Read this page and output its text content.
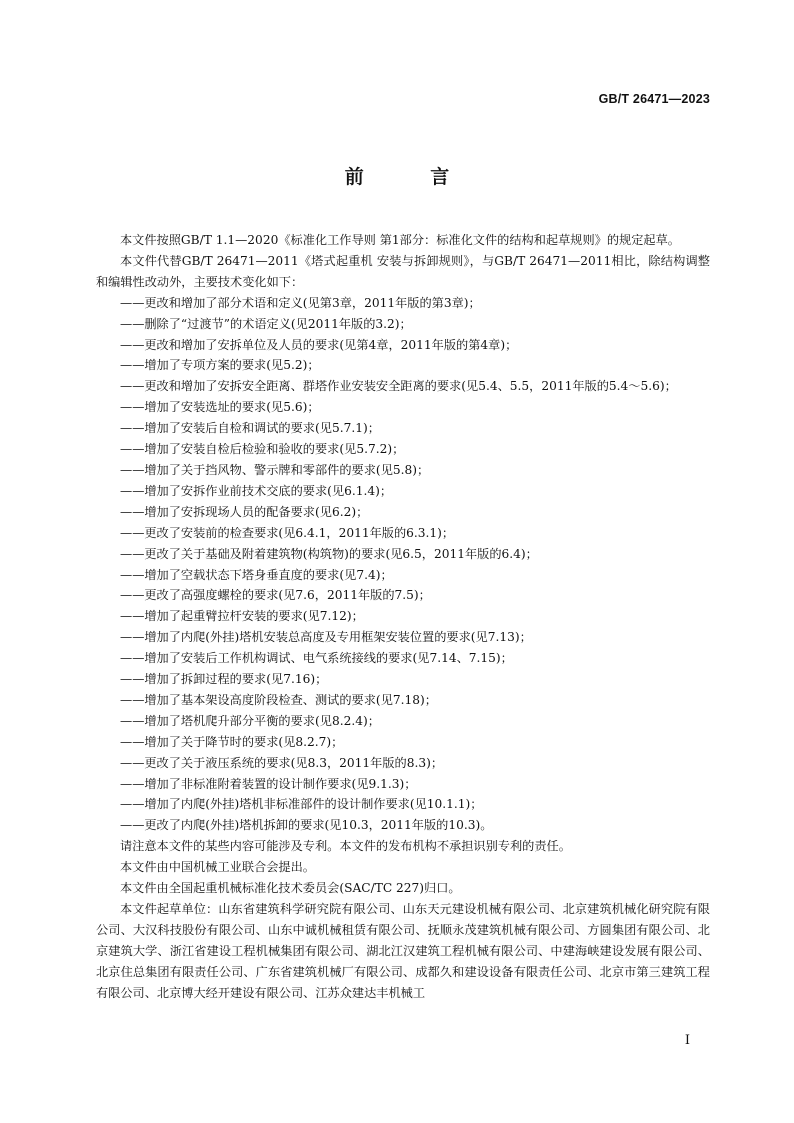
GB/T 26471—2023
前 言

本文件按照GB/T 1.1—2020《标准化工作导则 第1部分：标准化文件的结构和起草规则》的规定起草。

本文件代替GB/T 26471—2011《塔式起重机 安装与拆卸规则》，与GB/T 26471—2011相比，除结构调整和编辑性改动外，主要技术变化如下：

——更改和增加了部分术语和定义(见第3章，2011年版的第3章)；

——删除了“过渡节”的术语定义(见2011年版的3.2)；

——更改和增加了安拆单位及人员的要求(见第4章，2011年版的第4章)；

——增加了专项方案的要求(见5.2)；

——更改和增加了安拆安全距离、群塔作业安装安全距离的要求(见5.4、5.5，2011年版的5.4～5.6)；

——增加了安装选址的要求(见5.6)；

——增加了安装后自检和调试的要求(见5.7.1)；

——增加了安装自检后检验和验收的要求(见5.7.2)；

——增加了关于挡风物、警示牌和零部件的要求(见5.8)；

——增加了安拆作业前技术交底的要求(见6.1.4)；

——增加了安拆现场人员的配备要求(见6.2)；

——更改了安装前的检查要求(见6.4.1，2011年版的6.3.1)；

——更改了关于基础及附着建筑物(构筑物)的要求(见6.5，2011年版的6.4)；

——增加了空载状态下塔身垂直度的要求(见7.4)；

——更改了高强度螺栓的要求(见7.6，2011年版的7.5)；

——增加了起重臂拉杆安装的要求(见7.12)；

——增加了内爬(外挂)塔机安装总高度及专用框架安装位置的要求(见7.13)；

——增加了安装后工作机构调试、电气系统接线的要求(见7.14、7.15)；

——增加了拆卸过程的要求(见7.16)；

——增加了基本架设高度阶段检查、测试的要求(见7.18)；

——增加了塔机爬升部分平衡的要求(见8.2.4)；

——增加了关于降节时的要求(见8.2.7)；

——更改了关于液压系统的要求(见8.3，2011年版的8.3)；

——增加了非标准附着装置的设计制作要求(见9.1.3)；

——增加了内爬(外挂)塔机非标准部件的设计制作要求(见10.1.1)；

——更改了内爬(外挂)塔机拆卸的要求(见10.3，2011年版的10.3)。

请注意本文件的某些内容可能涉及专利。本文件的发布机构不承担识别专利的责任。

本文件由中国机械工业联合会提出。

本文件由全国起重机械标准化技术委员会(SAC/TC 227)归口。

本文件起草单位：山东省建筑科学研究院有限公司、山东天元建设机械有限公司、北京建筑机械化研究院有限公司、大汉科技股份有限公司、山东中诚机械租赁有限公司、抚顺永茂建筑机械有限公司、方圆集团有限公司、北京建筑大学、浙江省建设工程机械集团有限公司、湖北江汉建筑工程机械有限公司、中建海峡建设发展有限公司、北京住总集团有限责任公司、广东省建筑机械厂有限公司、成都久和建设设备有限责任公司、北京市第三建筑工程有限公司、北京博大经开建设有限公司、江苏众建达丰机械工

I
